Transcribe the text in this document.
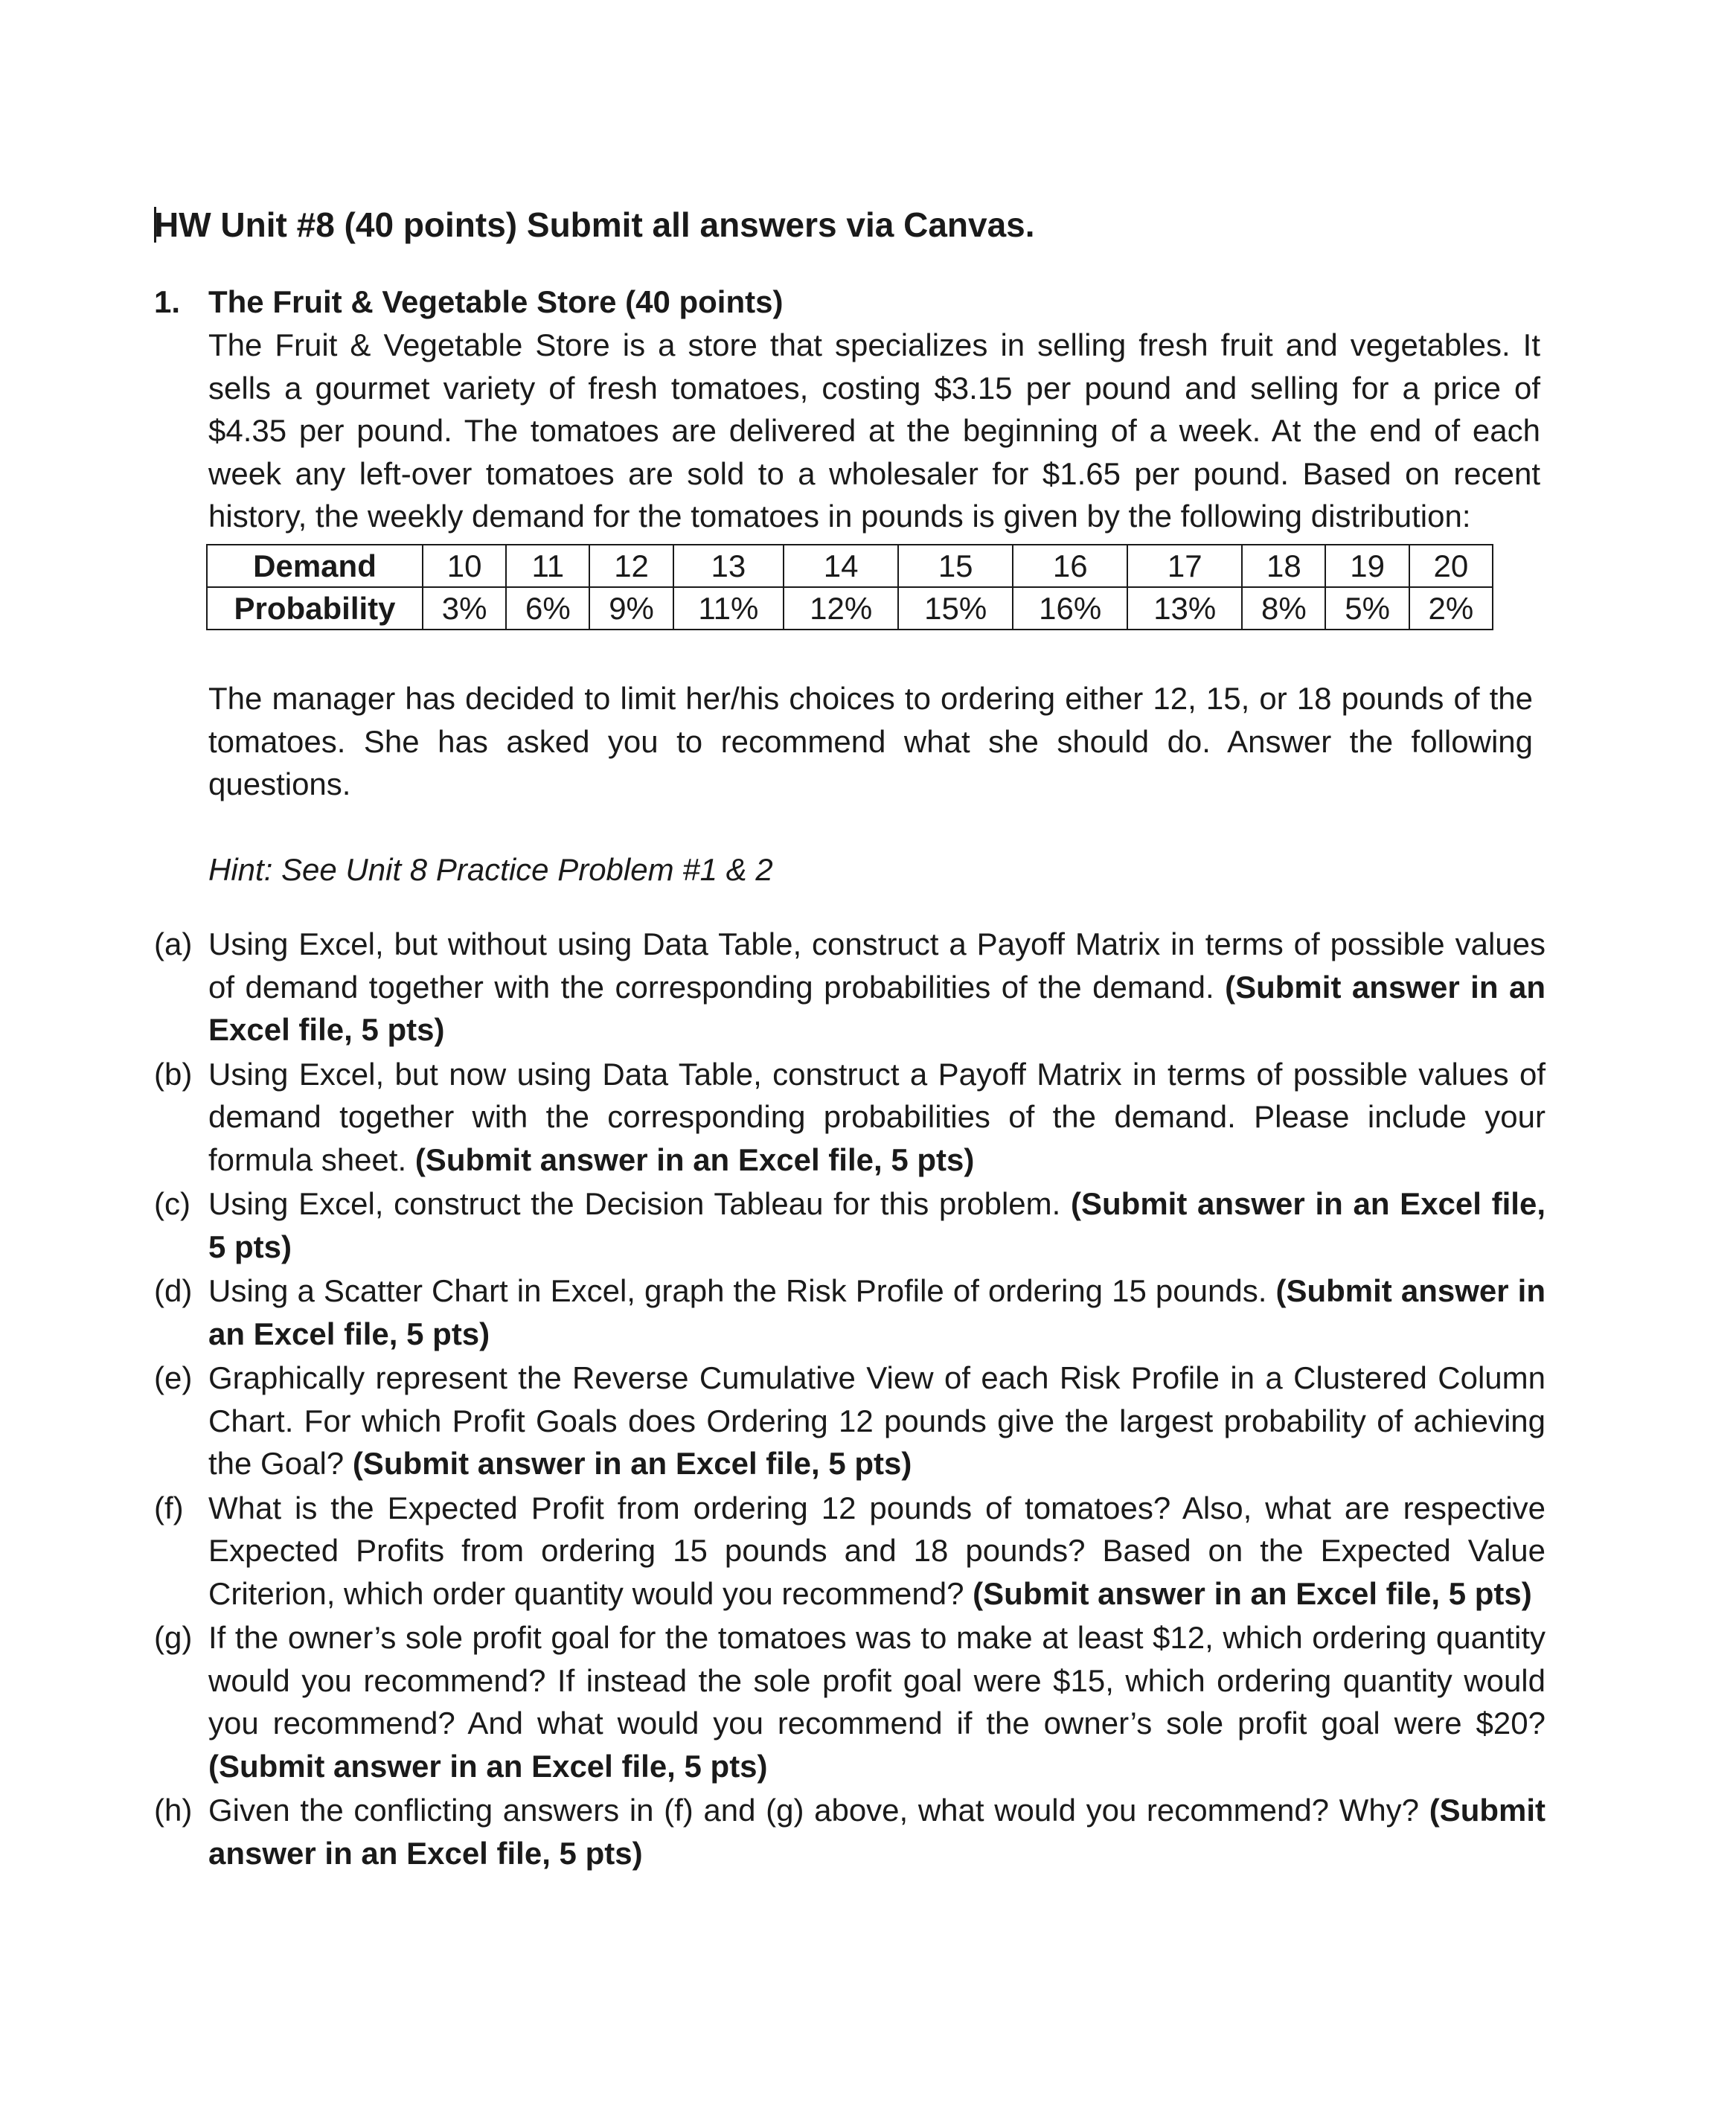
HW Unit #8 (40 points) Submit all answers via Canvas.
1. The Fruit & Vegetable Store (40 points)
The Fruit & Vegetable Store is a store that specializes in selling fresh fruit and vegetables. It sells a gourmet variety of fresh tomatoes, costing $3.15 per pound and selling for a price of $4.35 per pound. The tomatoes are delivered at the beginning of a week. At the end of each week any left-over tomatoes are sold to a wholesaler for $1.65 per pound. Based on recent history, the weekly demand for the tomatoes in pounds is given by the following distribution:
Demand	10	11	12	13	14	15	16	17	18	19	20
Probability	3%	6%	9%	11%	12%	15%	16%	13%	8%	5%	2%
The manager has decided to limit her/his choices to ordering either 12, 15, or 18 pounds of the tomatoes. She has asked you to recommend what she should do. Answer the following questions.
Hint: See Unit 8 Practice Problem #1 & 2
(a) Using Excel, but without using Data Table, construct a Payoff Matrix in terms of possible values of demand together with the corresponding probabilities of the demand. (Submit answer in an Excel file, 5 pts)
(b) Using Excel, but now using Data Table, construct a Payoff Matrix in terms of possible values of demand together with the corresponding probabilities of the demand. Please include your formula sheet. (Submit answer in an Excel file, 5 pts)
(c) Using Excel, construct the Decision Tableau for this problem. (Submit answer in an Excel file, 5 pts)
(d) Using a Scatter Chart in Excel, graph the Risk Profile of ordering 15 pounds. (Submit answer in an Excel file, 5 pts)
(e) Graphically represent the Reverse Cumulative View of each Risk Profile in a Clustered Column Chart. For which Profit Goals does Ordering 12 pounds give the largest probability of achieving the Goal? (Submit answer in an Excel file, 5 pts)
(f) What is the Expected Profit from ordering 12 pounds of tomatoes? Also, what are respective Expected Profits from ordering 15 pounds and 18 pounds? Based on the Expected Value Criterion, which order quantity would you recommend? (Submit answer in an Excel file, 5 pts)
(g) If the owner’s sole profit goal for the tomatoes was to make at least $12, which ordering quantity would you recommend? If instead the sole profit goal were $15, which ordering quantity would you recommend? And what would you recommend if the owner’s sole profit goal were $20? (Submit answer in an Excel file, 5 pts)
(h) Given the conflicting answers in (f) and (g) above, what would you recommend? Why? (Submit answer in an Excel file, 5 pts)
